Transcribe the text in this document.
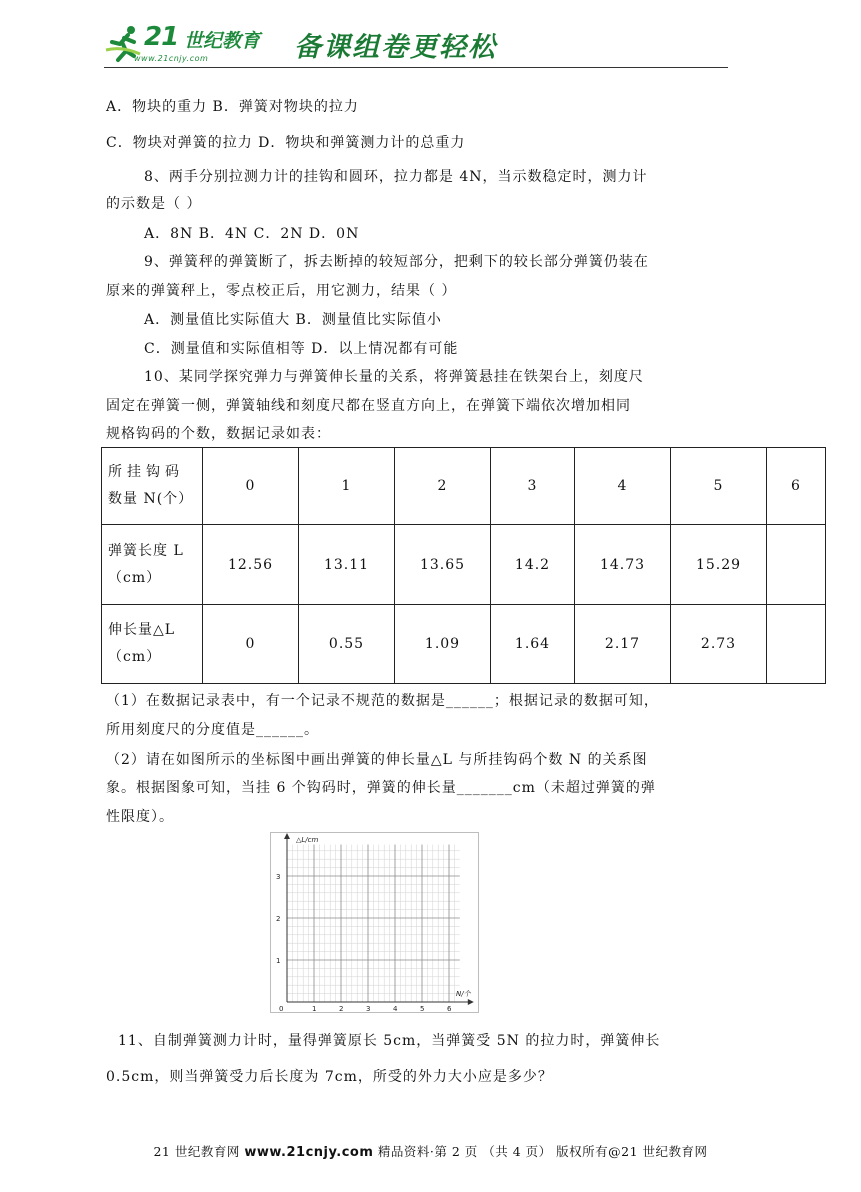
21 世纪教育
www.21cnjy.com	备课组卷更轻松
A．物块的重力 B．弹簧对物块的拉力
C．物块对弹簧的拉力 D．物块和弹簧测力计的总重力
8、两手分别拉测力计的挂钩和圆环，拉力都是 4N，当示数稳定时，测力计
的示数是（ ）
A．8N B．4N C．2N D．0N
9、弹簧秤的弹簧断了，拆去断掉的较短部分，把剩下的较长部分弹簧仍装在
原来的弹簧秤上，零点校正后，用它测力，结果（ ）
A．测量值比实际值大 B．测量值比实际值小
C．测量值和实际值相等 D．以上情况都有可能
10、某同学探究弹力与弹簧伸长量的关系，将弹簧悬挂在铁架台上，刻度尺
固定在弹簧一侧，弹簧轴线和刻度尺都在竖直方向上，在弹簧下端依次增加相同
规格钩码的个数，数据记录如表：
所挂钩码
数量 N(个）	0	1	2	3	4	5	6

弹簧长度 L
（cm）	12.56	13.11	13.65	14.2	14.73	15.29	

伸长量△L
（cm）	0	0.55	1.09	1.64	2.17	2.73	
（1）在数据记录表中，有一个记录不规范的数据是______；根据记录的数据可知，
所用刻度尺的分度值是______。
（2）请在如图所示的坐标图中画出弹簧的伸长量△L 与所挂钩码个数 N 的关系图
象。根据图象可知，当挂 6 个钩码时，弹簧的伸长量_______cm（未超过弹簧的弹
性限度）。
△L/cm
N/个
0	1	2	3	4	5	6
1
2
3
11、自制弹簧测力计时，量得弹簧原长 5cm，当弹簧受 5N 的拉力时，弹簧伸长
0.5cm，则当弹簧受力后长度为 7cm，所受的外力大小应是多少？
21 世纪教育网 www.21cnjy.com 精品资料·第 2 页 （共 4 页） 版权所有@21 世纪教育网
